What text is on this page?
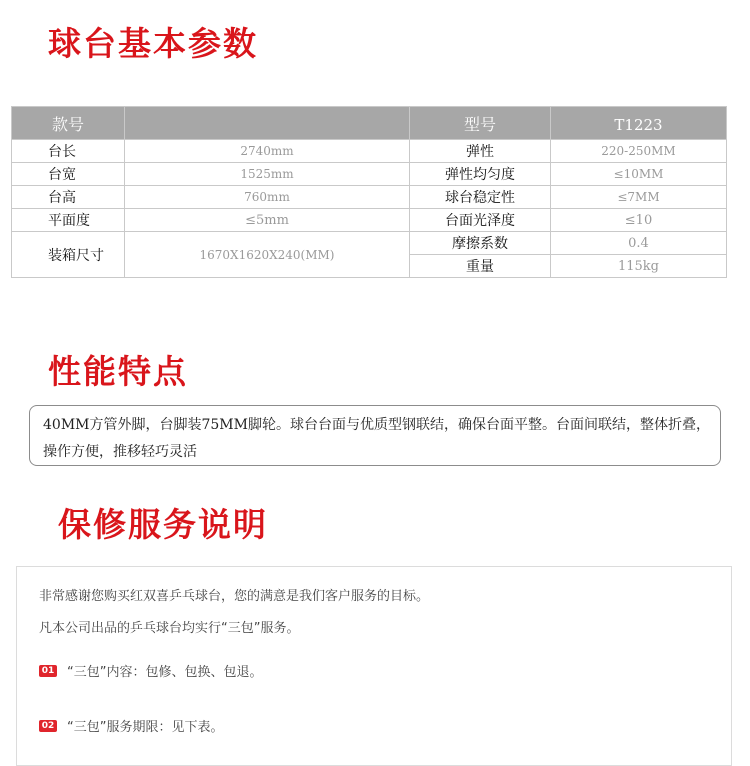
球台基本参数
款号		型号	T1223
台长	2740mm	弹性	220-250MM
台宽	1525mm	弹性均匀度	≤10MM
台高	760mm	球台稳定性	≤7MM
平面度	≤5mm	台面光泽度	≤10
装箱尺寸	1670X1620X240(MM)	摩擦系数	0.4
		重量	115kg
性能特点
40MM方管外脚，台脚装75MM脚轮。球台台面与优质型钢联结，确保台面平整。台面间联结，整体折叠，操作方便，推移轻巧灵活
保修服务说明

非常感谢您购买红双喜乒乓球台，您的满意是我们客户服务的目标。

凡本公司出品的乒乓球台均实行“三包”服务。

01 “三包”内容：包修、包换、包退。
02 “三包”服务期限：见下表。
